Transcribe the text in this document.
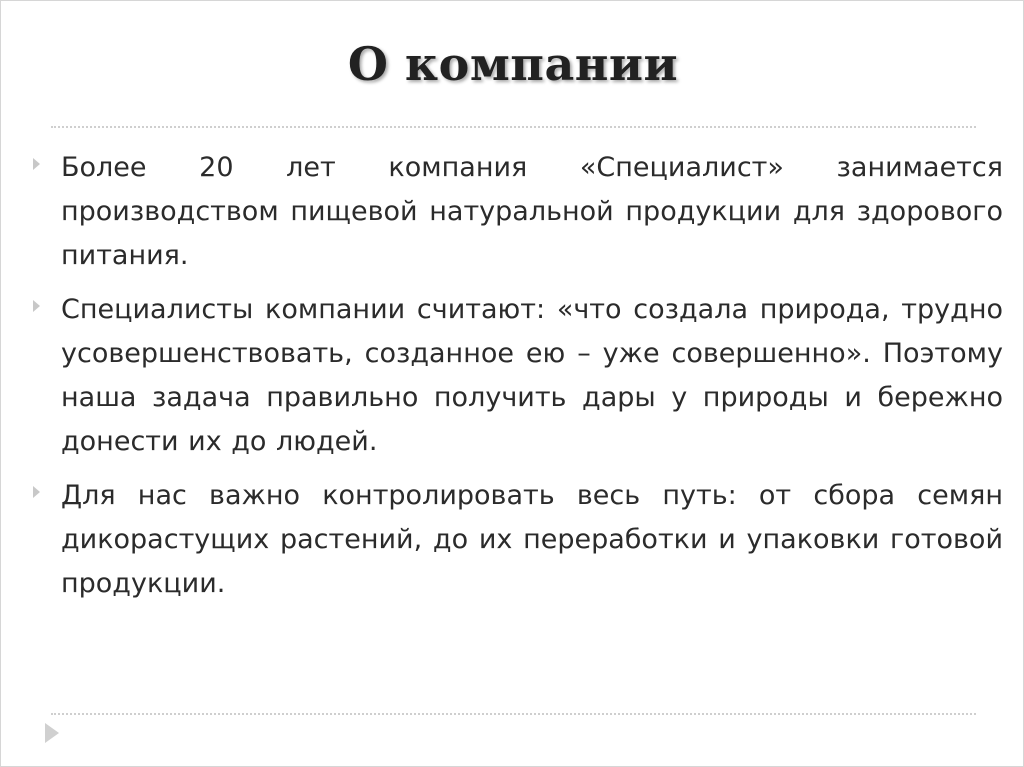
О компании
Более 20 лет компания «Специалист» занимается производством пищевой натуральной продукции для здорового питания.
Специалисты компании считают: «что создала природа, трудно усовершенствовать, созданное ею – уже совершенно». Поэтому наша задача правильно получить дары у природы и бережно донести их до людей.
Для нас важно контролировать весь путь: от сбора семян дикорастущих растений, до их переработки и упаковки готовой продукции.
